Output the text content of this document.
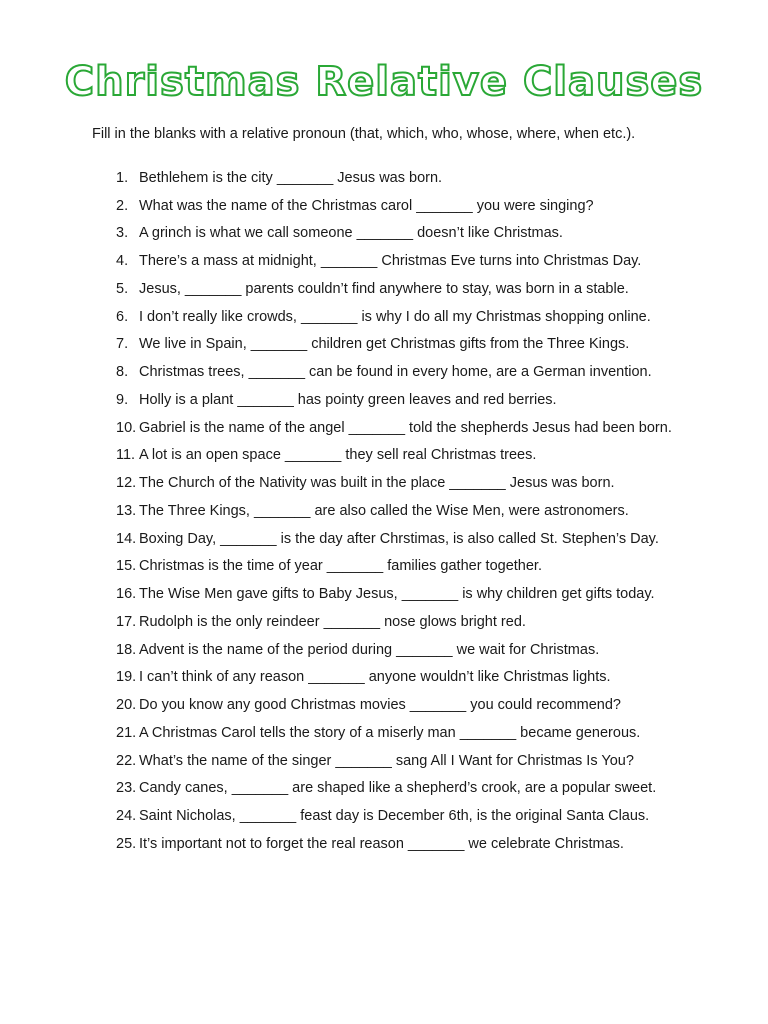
Christmas Relative Clauses

Fill in the blanks with a relative pronoun (that, which, who, whose, where, when etc.).

1. Bethlehem is the city _______ Jesus was born.
2. What was the name of the Christmas carol _______ you were singing?
3. A grinch is what we call someone _______ doesn’t like Christmas.
4. There’s a mass at midnight, _______ Christmas Eve turns into Christmas Day.
5. Jesus, _______ parents couldn’t find anywhere to stay, was born in a stable.
6. I don’t really like crowds, _______ is why I do all my Christmas shopping online.
7. We live in Spain, _______ children get Christmas gifts from the Three Kings.
8. Christmas trees, _______ can be found in every home, are a German invention.
9. Holly is a plant _______ has pointy green leaves and red berries.
10. Gabriel is the name of the angel _______ told the shepherds Jesus had been born.
11. A lot is an open space _______ they sell real Christmas trees.
12. The Church of the Nativity was built in the place _______ Jesus was born.
13. The Three Kings, _______ are also called the Wise Men, were astronomers.
14. Boxing Day, _______ is the day after Chrstimas, is also called St. Stephen’s Day.
15. Christmas is the time of year _______ families gather together.
16. The Wise Men gave gifts to Baby Jesus, _______ is why children get gifts today.
17. Rudolph is the only reindeer _______ nose glows bright red.
18. Advent is the name of the period during _______ we wait for Christmas.
19. I can’t think of any reason _______ anyone wouldn’t like Christmas lights.
20. Do you know any good Christmas movies _______ you could recommend?
21. A Christmas Carol tells the story of a miserly man _______ became generous.
22. What’s the name of the singer _______ sang All I Want for Christmas Is You?
23. Candy canes, _______ are shaped like a shepherd’s crook, are a popular sweet.
24. Saint Nicholas, _______ feast day is December 6th, is the original Santa Claus.
25. It’s important not to forget the real reason _______ we celebrate Christmas.
